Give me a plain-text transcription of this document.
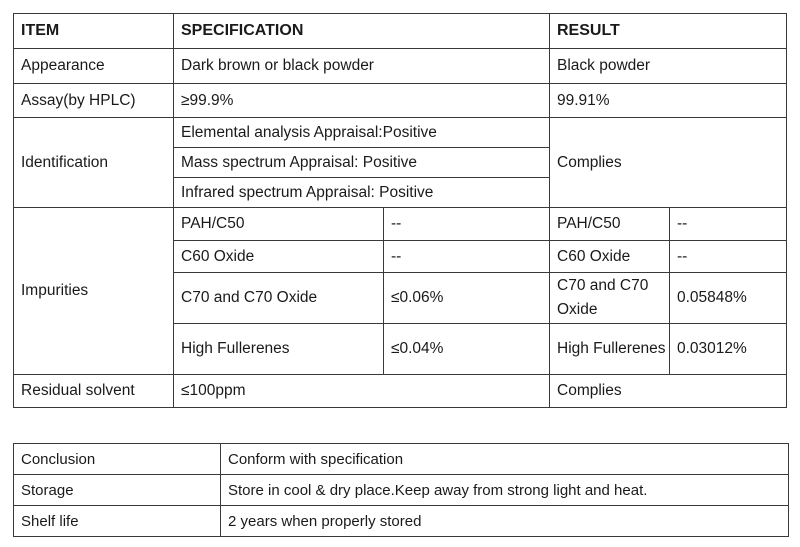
ITEM	SPECIFICATION		RESULT	
Appearance	Dark brown or black powder		Black powder	
Assay(by HPLC)	≥99.9%		99.91%	
Identification	Elemental analysis Appraisal:Positive		Complies	
	Mass spectrum Appraisal: Positive			
	Infrared spectrum Appraisal: Positive			
Impurities	PAH/C50	--	PAH/C50	--
	C60 Oxide	--	C60 Oxide	--
	C70 and C70 Oxide	≤0.06%	C70 and C70 Oxide	0.05848%
	High Fullerenes	≤0.04%	High Fullerenes	0.03012%
Residual solvent	≤100ppm		Complies	
Conclusion	Conform with specification
Storage	Store in cool & dry place.Keep away from strong light and heat.
Shelf life	2 years when properly stored
